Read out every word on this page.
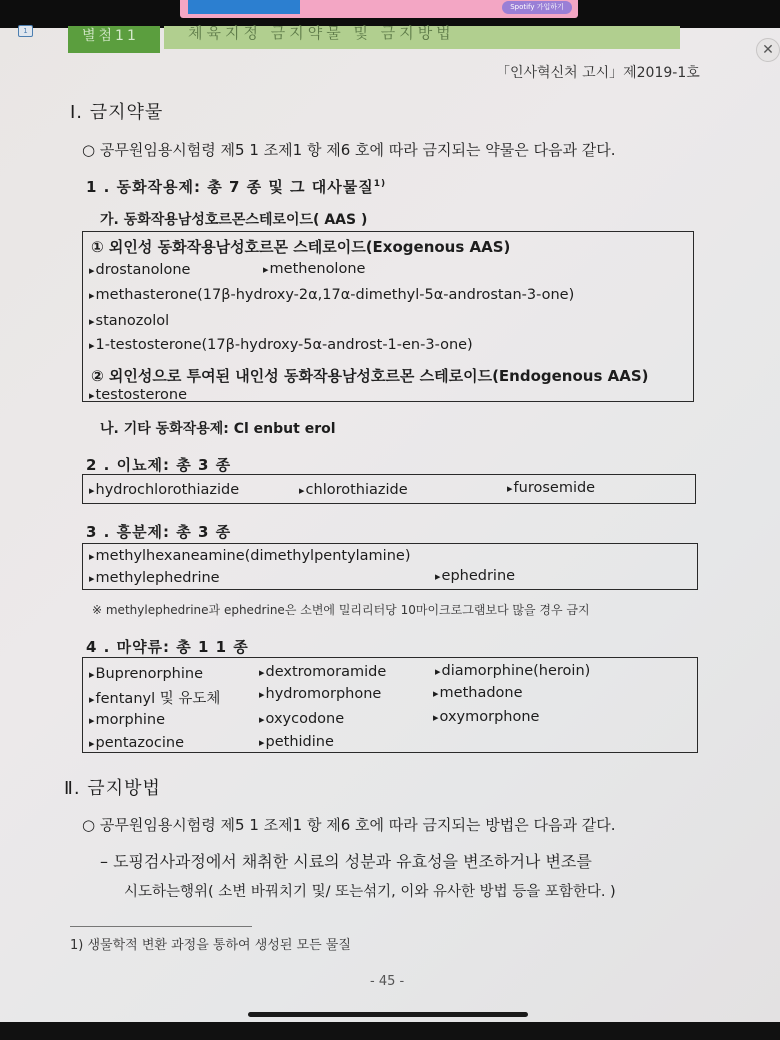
Spotify 가입하기
1	별첨11	체육지정 금지약물 및 금지방법
✕
「인사혁신처 고시」제2019-1호
Ⅰ. 금지약물
○ 공무원임용시험령 제5 1 조제1 항 제6 호에 따라 금지되는 약물은 다음과 같다.
1 . 동화작용제: 총 7 종 및 그 대사물질$^{1)}$
가. 동화작용남성호르몬스테로이드( AAS )
① 외인성 동화작용남성호르몬 스테로이드(Exogenous AAS)
▸ drostanolone	▸ methenolone
▸ methasterone(17β-hydroxy-2α,17α-dimethyl-5α-androstan-3-one)
▸ stanozolol
▸ 1-testosterone(17β-hydroxy-5α-androst-1-en-3-one)
② 외인성으로 투여된 내인성 동화작용남성호르몬 스테로이드(Endogenous AAS)
▸ testosterone
나. 기타 동화작용제: Cl enbut erol
2 . 이뇨제: 총 3 종
▸ hydrochlorothiazide	▸ chlorothiazide	▸ furosemide
3 . 흥분제: 총 3 종
▸ methylhexaneamine(dimethylpentylamine)
▸ methylephedrine	▸ ephedrine
※ methylephedrine과 ephedrine은 소변에 밀리리터당 10마이크로그램보다 많을 경우 금지
4 . 마약류: 총 1 1 종
▸ Buprenorphine	▸ dextromoramide	▸ diamorphine(heroin)
▸ fentanyl 및 유도체	▸ hydromorphone	▸ methadone
▸ morphine	▸ oxycodone	▸ oxymorphone
▸ pentazocine	▸ pethidine
Ⅱ. 금지방법
○ 공무원임용시험령 제5 1 조제1 항 제6 호에 따라 금지되는 방법은 다음과 같다.
– 도핑검사과정에서 채취한 시료의 성분과 유효성을 변조하거나 변조를
시도하는행위( 소변 바꿔치기 및/ 또는섞기, 이와 유사한 방법 등을 포함한다. )
1) 생물학적 변환 과정을 통하여 생성된 모든 물질
- 45 -
